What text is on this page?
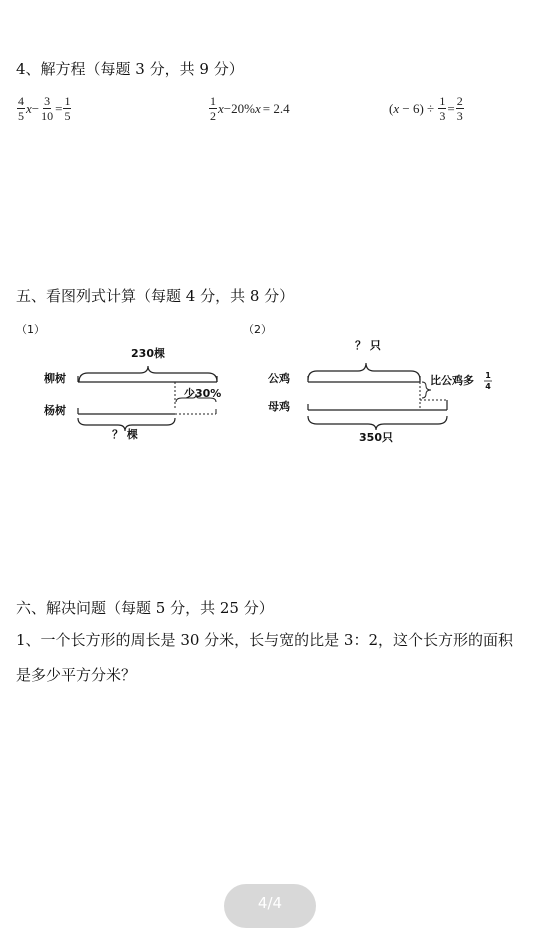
4、解方程（每题 3 分，共 9 分）
$\frac{4}{5}$ $x - \frac{3}{10} = \frac{1}{5}$	$\frac{1}{2}$ x −20% x = 2.4	( $x - 6) \div \frac{1}{3} = \frac{2}{3}$
五、看图列式计算（每题 4 分，共 8 分）
（1）	（2）
230棵
柳树
少30%
杨树
？ 棵
？ 只
公鸡	比公鸡多 1
4
母鸡
350只
六、解决问题（每题 5 分，共 25 分）
1、一个长方形的周长是 30 分米，长与宽的比是 3：2，这个长方形的面积是多少平方分米？
4/4
